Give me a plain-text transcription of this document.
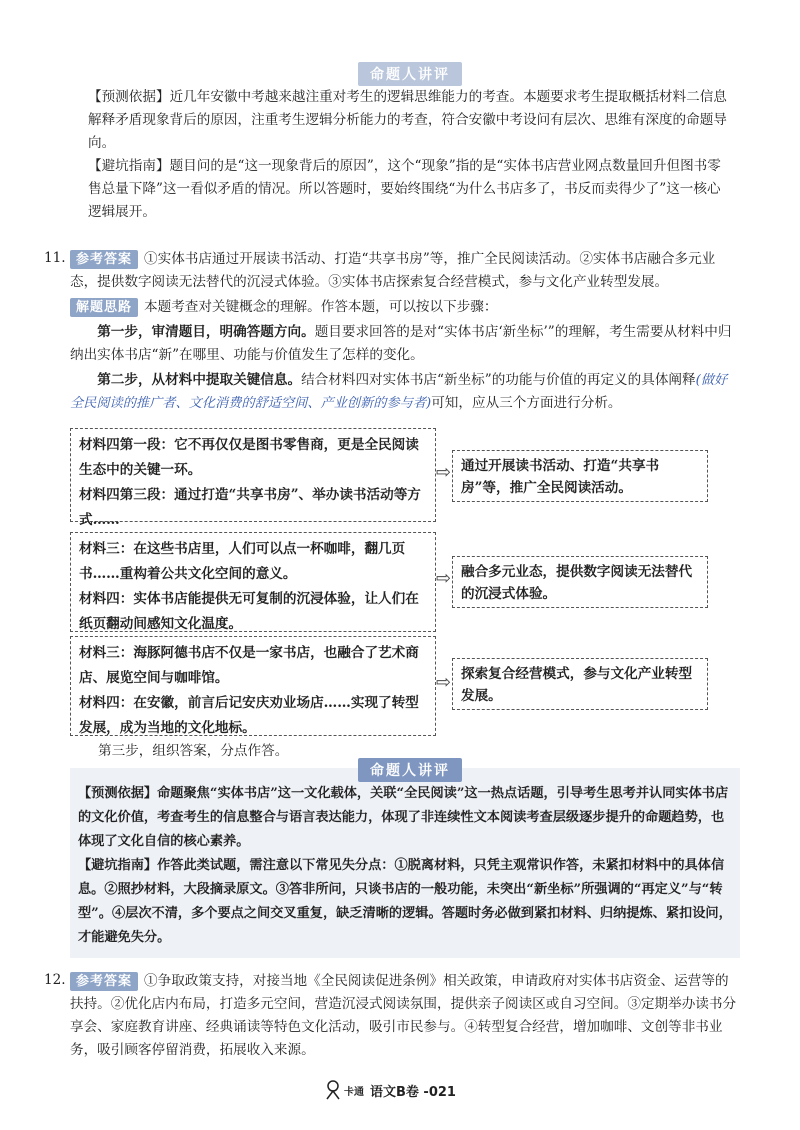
命题人讲评

【预测依据】近几年安徽中考越来越注重对考生的逻辑思维能力的考查。本题要求考生提取概括材料二信息解释矛盾现象背后的原因，注重考生逻辑分析能力的考查，符合安徽中考设问有层次、思维有深度的命题导向。

【避坑指南】题目问的是“这一现象背后的原因”，这个“现象”指的是“实体书店营业网点数量回升但图书零售总量下降”这一看似矛盾的情况。所以答题时，要始终围绕“为什么书店多了，书反而卖得少了”这一核心逻辑展开。

11. 参考答案 ①实体书店通过开展读书活动、打造“共享书房”等，推广全民阅读活动。②实体书店融合多元业态，提供数字阅读无法替代的沉浸式体验。③实体书店探索复合经营模式，参与文化产业转型发展。

解题思路 本题考查对关键概念的理解。作答本题，可以按以下步骤：

第一步，审清题目，明确答题方向。题目要求回答的是对“实体书店‘新坐标’”的理解，考生需要从材料中归纳出实体书店“新”在哪里、功能与价值发生了怎样的变化。

第二步，从材料中提取关键信息。结合材料四对实体书店“新坐标”的功能与价值的再定义的具体阐释(做好全民阅读的推广者、文化消费的舒适空间、产业创新的参与者)可知，应从三个方面进行分析。

材料四第一段：它不再仅仅是图书零售商，更是全民阅读生态中的关键一环。
材料四第三段：通过打造“共享书房”、举办读书活动等方式……
⇨ 通过开展读书活动、打造“共享书房”等，推广全民阅读活动。
材料三：在这些书店里，人们可以点一杯咖啡，翻几页书……重构着公共文化空间的意义。
材料四：实体书店能提供无可复制的沉浸体验，让人们在纸页翻动间感知文化温度。
⇨ 融合多元业态，提供数字阅读无法替代的沉浸式体验。
材料三：海豚阿德书店不仅是一家书店，也融合了艺术商店、展览空间与咖啡馆。
材料四：在安徽，前言后记安庆劝业场店……实现了转型发展，成为当地的文化地标。
⇨ 探索复合经营模式，参与文化产业转型发展。
第三步，组织答案，分点作答。

【预测依据】命题聚焦“实体书店”这一文化载体，关联“全民阅读”这一热点话题，引导考生思考并认同实体书店的文化价值，考查考生的信息整合与语言表达能力，体现了非连续性文本阅读考查层级逐步提升的命题趋势，也体现了文化自信的核心素养。

【避坑指南】作答此类试题，需注意以下常见失分点：①脱离材料，只凭主观常识作答，未紧扣材料中的具体信息。②照抄材料，大段摘录原文。③答非所问，只谈书店的一般功能，未突出“新坐标”所强调的“再定义”与“转型”。④层次不清，多个要点之间交叉重复，缺乏清晰的逻辑。答题时务必做到紧扣材料、归纳提炼、紧扣设问，才能避免失分。

命题人讲评
12. 参考答案 ①争取政策支持，对接当地《全民阅读促进条例》相关政策，申请政府对实体书店资金、运营等的扶持。②优化店内布局，打造多元空间，营造沉浸式阅读氛围，提供亲子阅读区或自习空间。③定期举办读书分享会、家庭教育讲座、经典诵读等特色文化活动，吸引市民参与。④转型复合经营，增加咖啡、文创等非书业务，吸引顾客停留消费，拓展收入来源。

卡通 语文B卷 -021
